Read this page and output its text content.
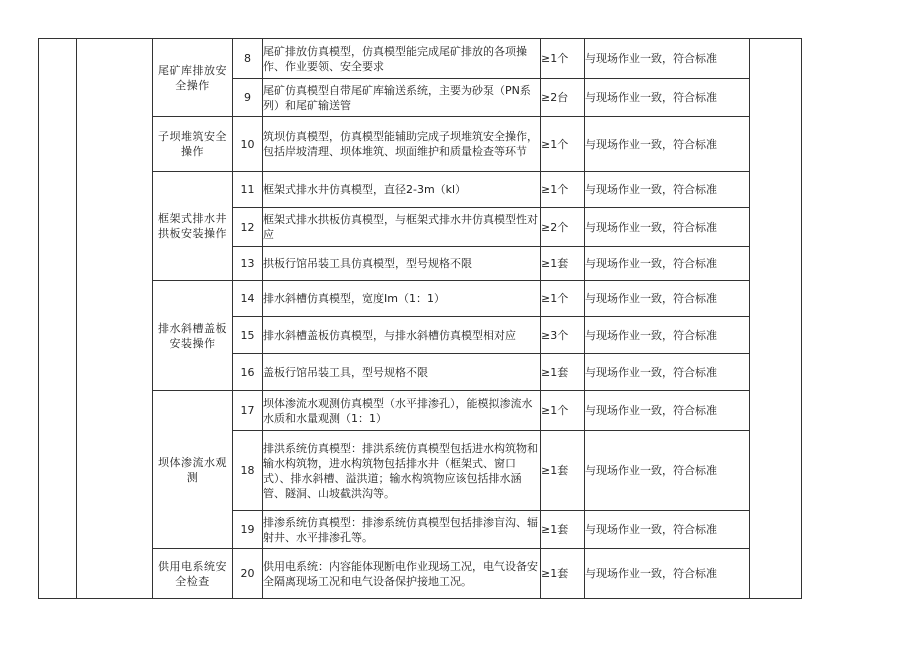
		尾矿库排放安全操作	8	尾矿排放仿真模型，仿真模型能完成尾矿排放的各项操作、作业要领、安全要求	≥1个	与现场作业一致，符合标准	
			9	尾矿仿真模型自带尾矿库输送系统，主要为砂泵（PN系列）和尾矿输送管	≥2台	与现场作业一致，符合标准	
		子坝堆筑安全操作	10	筑坝仿真模型，仿真模型能辅助完成子坝堆筑安全操作，包括岸坡清理、坝体堆筑、坝面维护和质量检查等环节	≥1个	与现场作业一致，符合标准	
		框架式排水井拱板安装操作	11	框架式排水井仿真模型，直径2-3m（kl）	≥1个	与现场作业一致，符合标准	
			12	框架式排水拱板仿真模型，与框架式排水井仿真模型性对应	≥2个	与现场作业一致，符合标准	
			13	拱板行馆吊装工具仿真模型，型号规格不限	≥1套	与现场作业一致，符合标准	
		排水斜槽盖板安装操作	14	排水斜槽仿真模型，宽度Im（1：1）	≥1个	与现场作业一致，符合标准	
			15	排水斜槽盖板仿真模型，与排水斜槽仿真模型相对应	≥3个	与现场作业一致，符合标准	
			16	盖板行馆吊装工具，型号规格不限	≥1套	与现场作业一致，符合标准	
		坝体渗流水观测	17	坝体渗流水观测仿真模型（水平排渗孔），能模拟渗流水水质和水量观测（1：1）	≥1个	与现场作业一致，符合标准	
			18	排洪系统仿真模型：排洪系统仿真模型包括进水构筑物和输水构筑物，进水构筑物包括排水井（框架式、窗口式）、排水斜槽、溢洪道；输水构筑物应该包括排水涵管、隧洞、山坡截洪沟等。	≥1套	与现场作业一致，符合标准	
			19	排渗系统仿真模型：排渗系统仿真模型包括排渗盲沟、辐射井、水平排渗孔等。	≥1套	与现场作业一致，符合标准	
		供用电系统安全检查	20	供用电系统：内容能体现断电作业现场工况，电气设备安全隔离现场工况和电气设备保护接地工况。	≥1套	与现场作业一致，符合标准	
